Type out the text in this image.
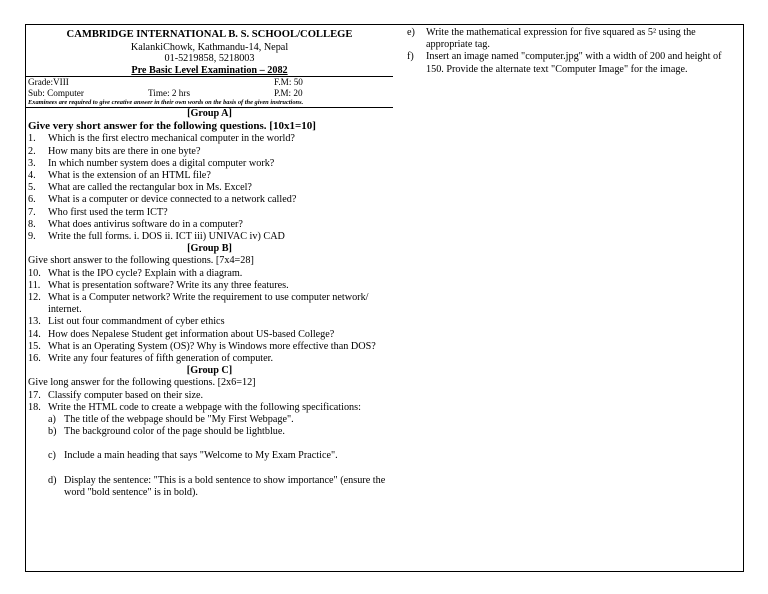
CAMBRIDGE INTERNATIONAL B. S. SCHOOL/COLLEGE
KalankiChowk, Kathmandu-14, Nepal
01-5219858, 5218003
Pre Basic Level Examination – 2082
Grade:VIII	F.M: 50
Sub: Computer	Time: 2 hrs	P.M: 20
Examinees are required to give creative answer in their own words on the basis of the given instructions.
[Group A]
Give very short answer for the following questions. [10x1=10]
1.	Which is the first electro mechanical computer in the world?
2.	How many bits are there in one byte?
3.	In which number system does a digital computer work?
4.	What is the extension of an HTML file?
5.	What are called the rectangular box in Ms. Excel?
6.	What is a computer or device connected to a network called?
7.	Who first used the term ICT?
8.	What does antivirus software do in a computer?
9.	Write the full forms. i. DOS ii. ICT iii) UNIVAC iv) CAD
[Group B]
Give short answer to the following questions. [7x4=28]
10. What is the IPO cycle? Explain with a diagram.
11. What is presentation software? Write its any three features.
12. What is a Computer network? Write the requirement to use computer network/ internet.
13. List out four commandment of cyber ethics
14. How does Nepalese Student get information about US-based College?
15. What is an Operating System (OS)? Why is Windows more effective than DOS?
16. Write any four features of fifth generation of computer.
[Group C]
Give long answer for the following questions. [2x6=12]
17. Classify computer based on their size.
18. Write the HTML code to create a webpage with the following specifications:
a) The title of the webpage should be "My First Webpage".
b) The background color of the page should be lightblue.
c) Include a main heading that says "Welcome to My Exam Practice".
d) Display the sentence: "This is a bold sentence to show importance" (ensure the word "bold sentence" is in bold).
e)	Write the mathematical expression for five squared as 5² using the appropriate tag.
f)	Insert an image named "computer.jpg" with a width of 200 and height of 150. Provide the alternate text "Computer Image" for the image.
